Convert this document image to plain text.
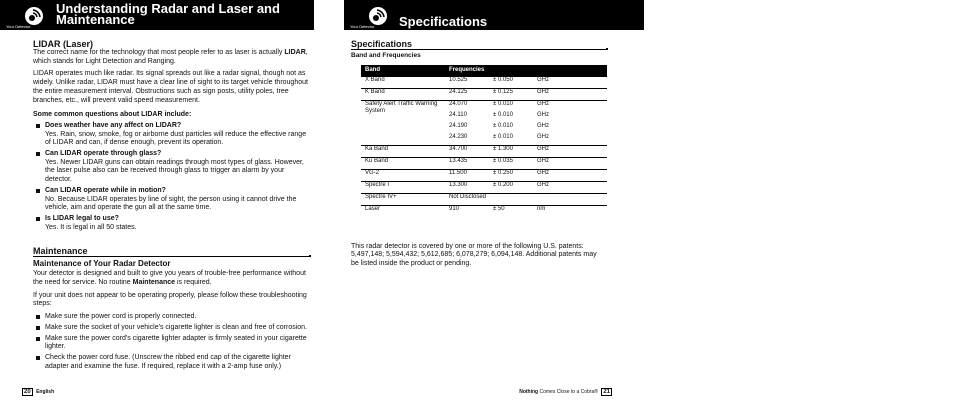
Your Detector
Understanding Radar and Laser and Maintenance
LIDAR (Laser)

The correct name for the technology that most people refer to as laser is actually LIDAR, which stands for Light Detection and Ranging.

LIDAR operates much like radar. Its signal spreads out like a radar signal, though not as widely. Unlike radar, LIDAR must have a clear line of sight to its target vehicle throughout the entire measurement interval. Obstructions such as sign posts, utility poles, tree branches, etc., will prevent valid speed measurement.

Some common questions about LIDAR include:
Does weather have any affect on LIDAR?
Yes. Rain, snow, smoke, fog or airborne dust particles will reduce the effective range of LIDAR and can, if dense enough, prevent its operation.
Can LIDAR operate through glass?
Yes. Newer LIDAR guns can obtain readings through most types of glass. However, the laser pulse also can be received through glass to trigger an alarm by your detector.
Can LIDAR operate while in motion?
No. Because LIDAR operates by line of sight, the person using it cannot drive the vehicle, aim and operate the gun all at the same time.
Is LIDAR legal to use?
Yes. It is legal in all 50 states.
Maintenance
Maintenance of Your Radar Detector

Your detector is designed and built to give you years of trouble-free performance without the need for service. No routine Maintenance is required.

If your unit does not appear to be operating properly, please follow these troubleshooting steps:

Make sure the power cord is properly connected.
Make sure the socket of your vehicle's cigarette lighter is clean and free of corrosion.
Make sure the power cord's cigarette lighter adapter is firmly seated in your cigarette lighter.
Check the power cord fuse. (Unscrew the ribbed end cap of the cigarette lighter adapter and examine the fuse. If required, replace it with a 2-amp fuse only.)
20 English
Your Detector Specifications
Specifications
Band and Frequencies
Band	Frequencies		
X Band	10.525	± 0.050	GHz
K Band	24.125	± 0.125	GHz
Safety Alert Traffic Warning System	24.070	± 0.010	GHz
	24.110	± 0.010	GHz
	24.190	± 0.010	GHz
	24.230	± 0.010	GHz
Ka Band	34.700	± 1.300	GHz
Ku Band	13.435	± 0.035	GHz
VG-2	11.500	± 0.250	GHz
Spectre I	13.300	± 0.200	GHz
Spectre IV+	Not Disclosed		
Laser	910	± 50	nm

This radar detector is covered by one or more of the following U.S. patents: 5,497,148; 5,594,432; 5,612,685; 6,078,279; 6,094,148. Additional patents may be listed inside the product or pending.

Nothing Comes Close to a Cobra® 21
